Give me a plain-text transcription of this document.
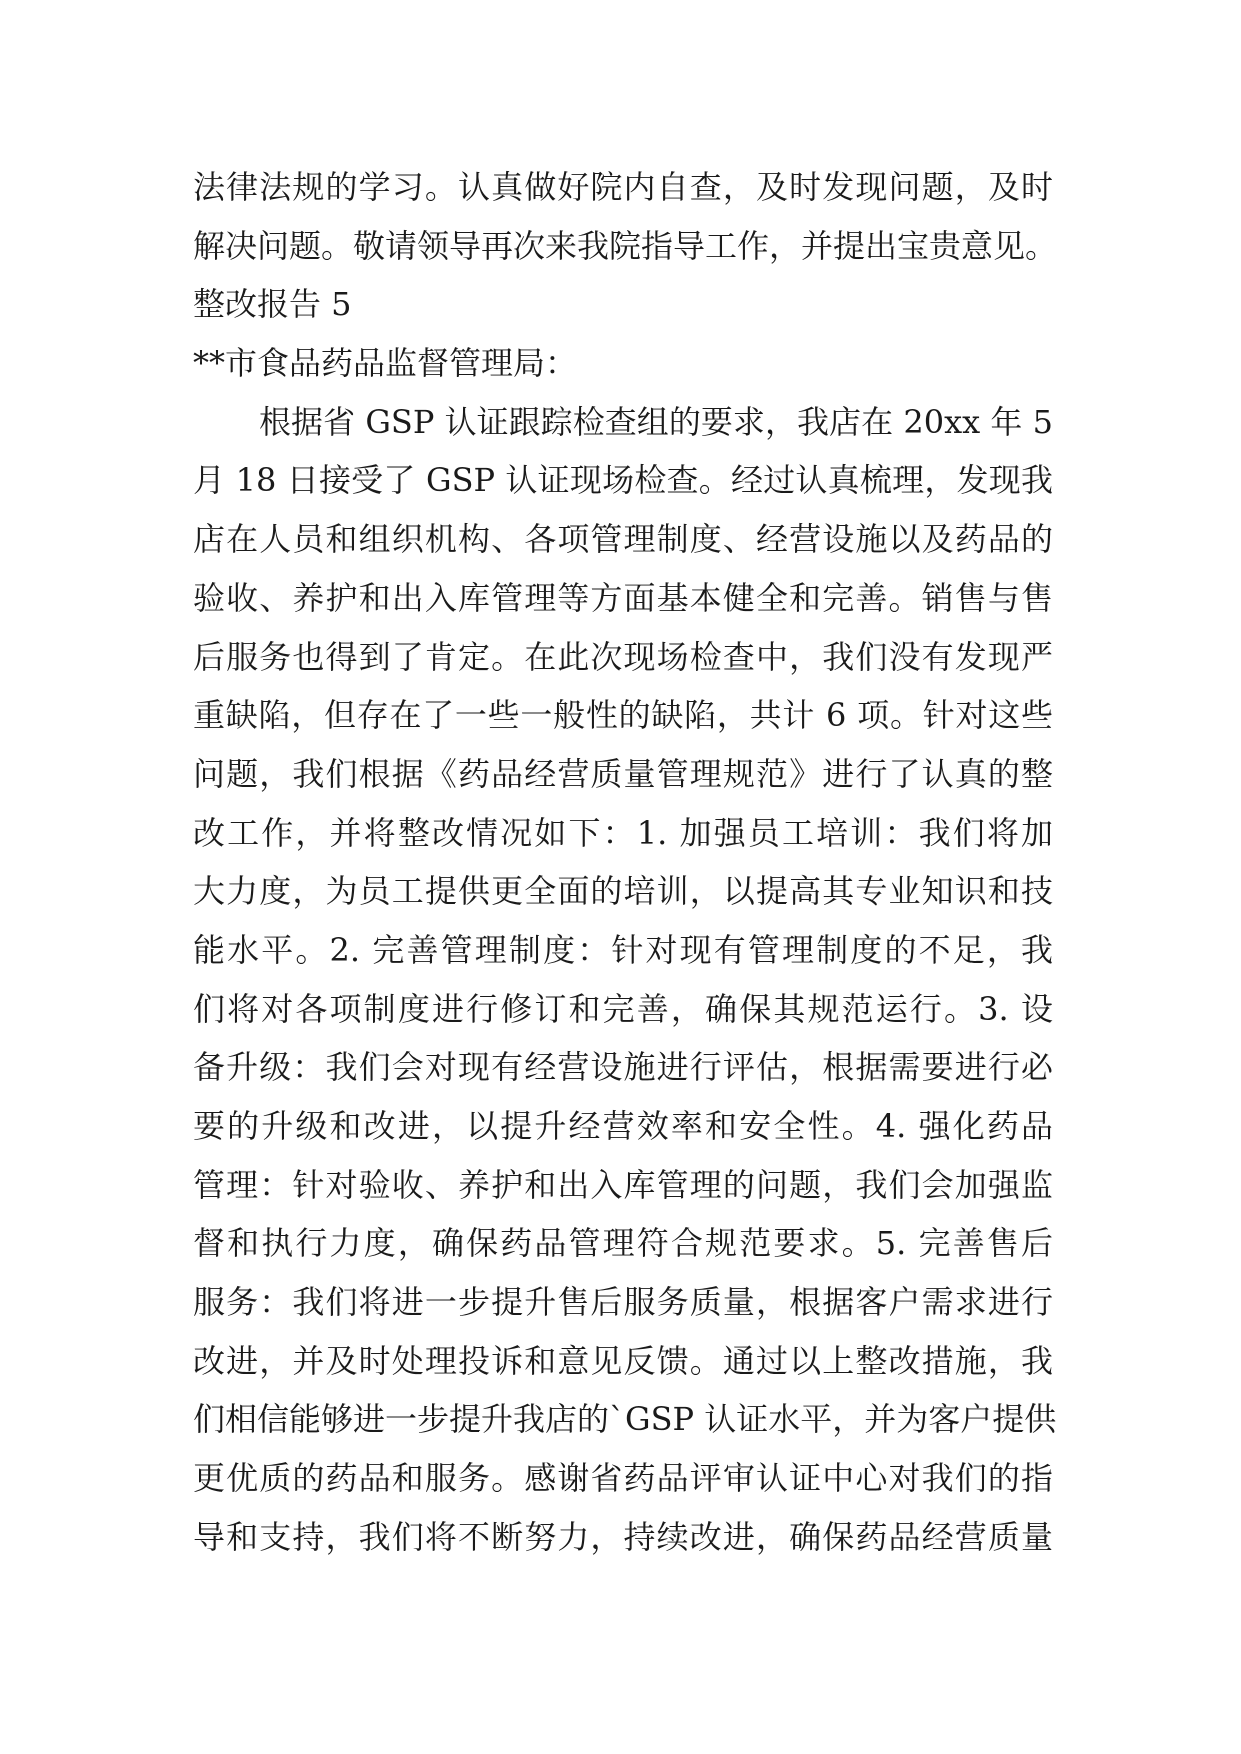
法律法规的学习。认真做好院内自查，及时发现问题，及时
解决问题。敬请领导再次来我院指导工作，并提出宝贵意见。
整改报告 5
**市食品药品监督管理局：
根据省 GSP 认证跟踪检查组的要求，我店在 20xx 年 5
月 18 日接受了 GSP 认证现场检查。经过认真梳理，发现我
店在人员和组织机构、各项管理制度、经营设施以及药品的
验收、养护和出入库管理等方面基本健全和完善。销售与售
后服务也得到了肯定。在此次现场检查中，我们没有发现严
重缺陷，但存在了一些一般性的缺陷，共计 6 项。针对这些
问题，我们根据《药品经营质量管理规范》进行了认真的整
改工作，并将整改情况如下：1. 加强员工培训：我们将加
大力度，为员工提供更全面的培训，以提高其专业知识和技
能水平。2. 完善管理制度：针对现有管理制度的不足，我
们将对各项制度进行修订和完善，确保其规范运行。3. 设
备升级：我们会对现有经营设施进行评估，根据需要进行必
要的升级和改进，以提升经营效率和安全性。4. 强化药品
管理：针对验收、养护和出入库管理的问题，我们会加强监
督和执行力度，确保药品管理符合规范要求。5. 完善售后
服务：我们将进一步提升售后服务质量，根据客户需求进行
改进，并及时处理投诉和意见反馈。通过以上整改措施，我
们相信能够进一步提升我店的`GSP 认证水平，并为客户提供
更优质的药品和服务。感谢省药品评审认证中心对我们的指
导和支持，我们将不断努力，持续改进，确保药品经营质量
